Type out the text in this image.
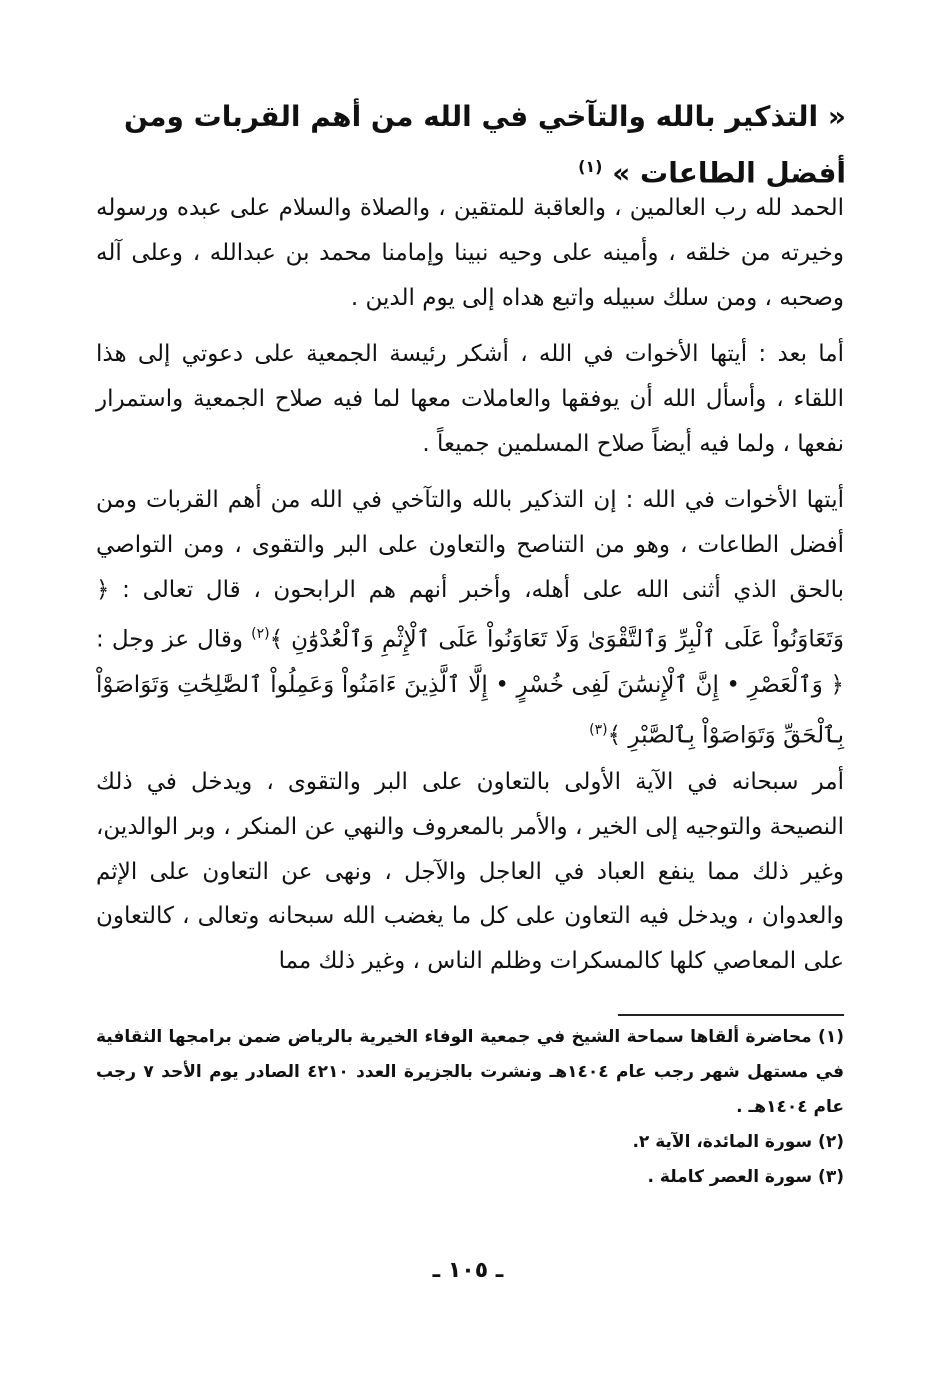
« التذكير بالله والتآخي في الله من أهم القربات ومن أفضل الطاعات » $^{(١)}$

الحمد لله رب العالمين ، والعاقبة للمتقين ، والصلاة والسلام على عبده ورسوله وخيرته من خلقه ، وأمينه على وحيه نبينا وإمامنا محمد بن عبدالله ، وعلى آله وصحبه ، ومن سلك سبيله واتبع هداه إلى يوم الدين .

أما بعد : أيتها الأخوات في الله ، أشكر رئيسة الجمعية على دعوتي إلى هذا اللقاء ، وأسأل الله أن يوفقها والعاملات معها لما فيه صلاح الجمعية واستمرار نفعها ، ولما فيه أيضاً صلاح المسلمين جميعاً .

أيتها الأخوات في الله : إن التذكير بالله والتآخي في الله من أهم القربات ومن أفضل الطاعات ، وهو من التناصح والتعاون على البر والتقوى ، ومن التواصي بالحق الذي أثنى الله على أهله، وأخبر أنهم هم الرابحون ، قال تعالى : ﴿ وَتَعَاوَنُواْ عَلَى ٱلْبِرِّ وَٱلتَّقْوَىٰ وَلَا تَعَاوَنُواْ عَلَى ٱلْإِثْمِ وَٱلْعُدْوَٰنِ ﴾$^{(٢)}$ وقال عز وجل : ﴿ وَٱلْعَصْرِ • إِنَّ ٱلْإِنسَٰنَ لَفِى خُسْرٍ • إِلَّا ٱلَّذِينَ ءَامَنُواْ وَعَمِلُواْ ٱلصَّٰلِحَٰتِ وَتَوَاصَوْاْ بِٱلْحَقِّ وَتَوَاصَوْاْ بِٱلصَّبْرِ ﴾$^{(٣)}$

أمر سبحانه في الآية الأولى بالتعاون على البر والتقوى ، ويدخل في ذلك النصيحة والتوجيه إلى الخير ، والأمر بالمعروف والنهي عن المنكر ، وبر الوالدين، وغير ذلك مما ينفع العباد في العاجل والآجل ، ونهى عن التعاون على الإثم والعدوان ، ويدخل فيه التعاون على كل ما يغضب الله سبحانه وتعالى ، كالتعاون على المعاصي كلها كالمسكرات وظلم الناس ، وغير ذلك مما

(١) محاضرة ألقاها سماحة الشيخ في جمعية الوفاء الخيرية بالرياض ضمن برامجها الثقافية في مستهل شهر رجب عام ١٤٠٤هـ ونشرت بالجزيرة العدد ٤٢١٠ الصادر يوم الأحد ٧ رجب عام ١٤٠٤هـ .
(٢) سورة المائدة، الآية ٢.
(٣) سورة العصر كاملة .
ـ ١٠٥ ـ
